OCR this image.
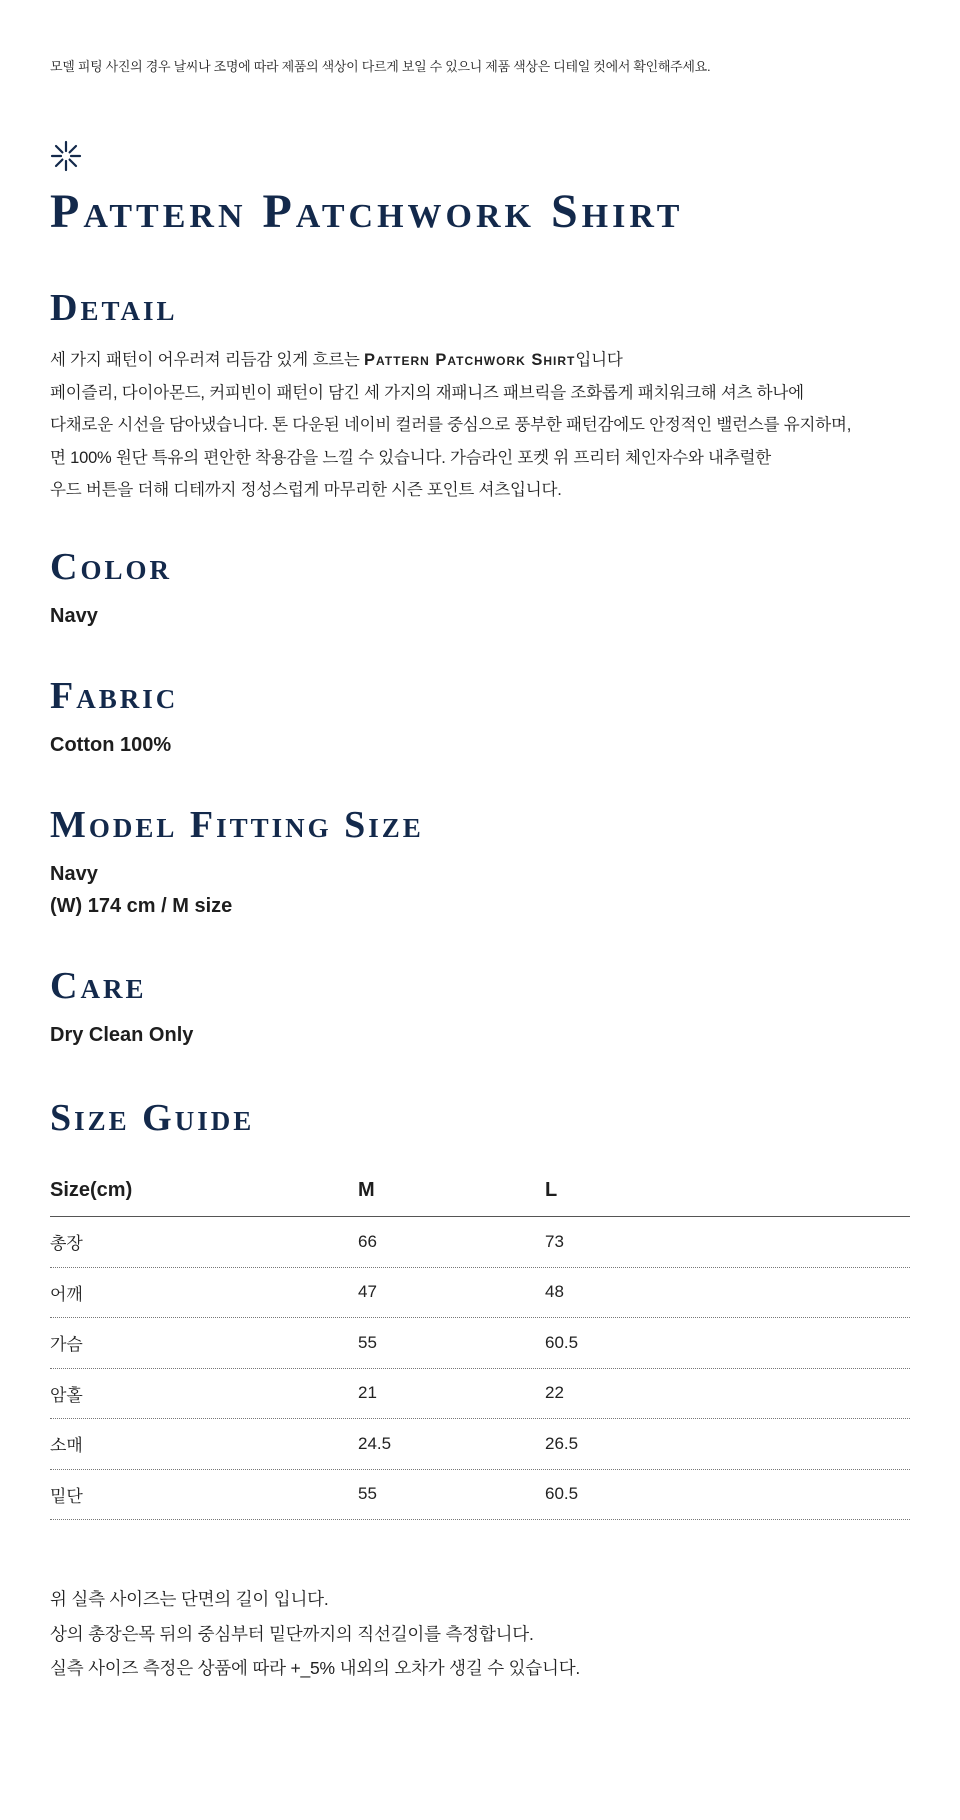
모델 피팅 사진의 경우 날씨나 조명에 따라 제품의 색상이 다르게 보일 수 있으니 제품 색상은 디테일 컷에서 확인해주세요.
Pattern Patchwork Shirt
Detail
세 가지 패턴이 어우러져 리듬감 있게 흐르는 Pattern Patchwork Shirt입니다
페이즐리, 다이아몬드, 커피빈이 패턴이 담긴 세 가지의 재패니즈 패브릭을 조화롭게 패치워크해 셔츠 하나에
다채로운 시선을 담아냈습니다. 톤 다운된 네이비 컬러를 중심으로 풍부한 패턴감에도 안정적인 밸런스를 유지하며,
면 100% 원단 특유의 편안한 착용감을 느낄 수 있습니다. 가슴라인 포켓 위 프리터 체인자수와 내추럴한
우드 버튼을 더해 디테까지 정성스럽게 마무리한 시즌 포인트 셔츠입니다.
Color
Navy
Fabric
Cotton 100%
Model Fitting Size
Navy
(W) 174 cm / M size
Care
Dry Clean Only
Size Guide
Size(cm)	M	L
총장	66	73
어깨	47	48
가슴	55	60.5
암홀	21	22
소매	24.5	26.5
밑단	55	60.5
위 실측 사이즈는 단면의 길이 입니다.
상의 총장은목 뒤의 중심부터 밑단까지의 직선길이를 측정합니다.
실측 사이즈 측정은 상품에 따라 +_5% 내외의 오차가 생길 수 있습니다.
